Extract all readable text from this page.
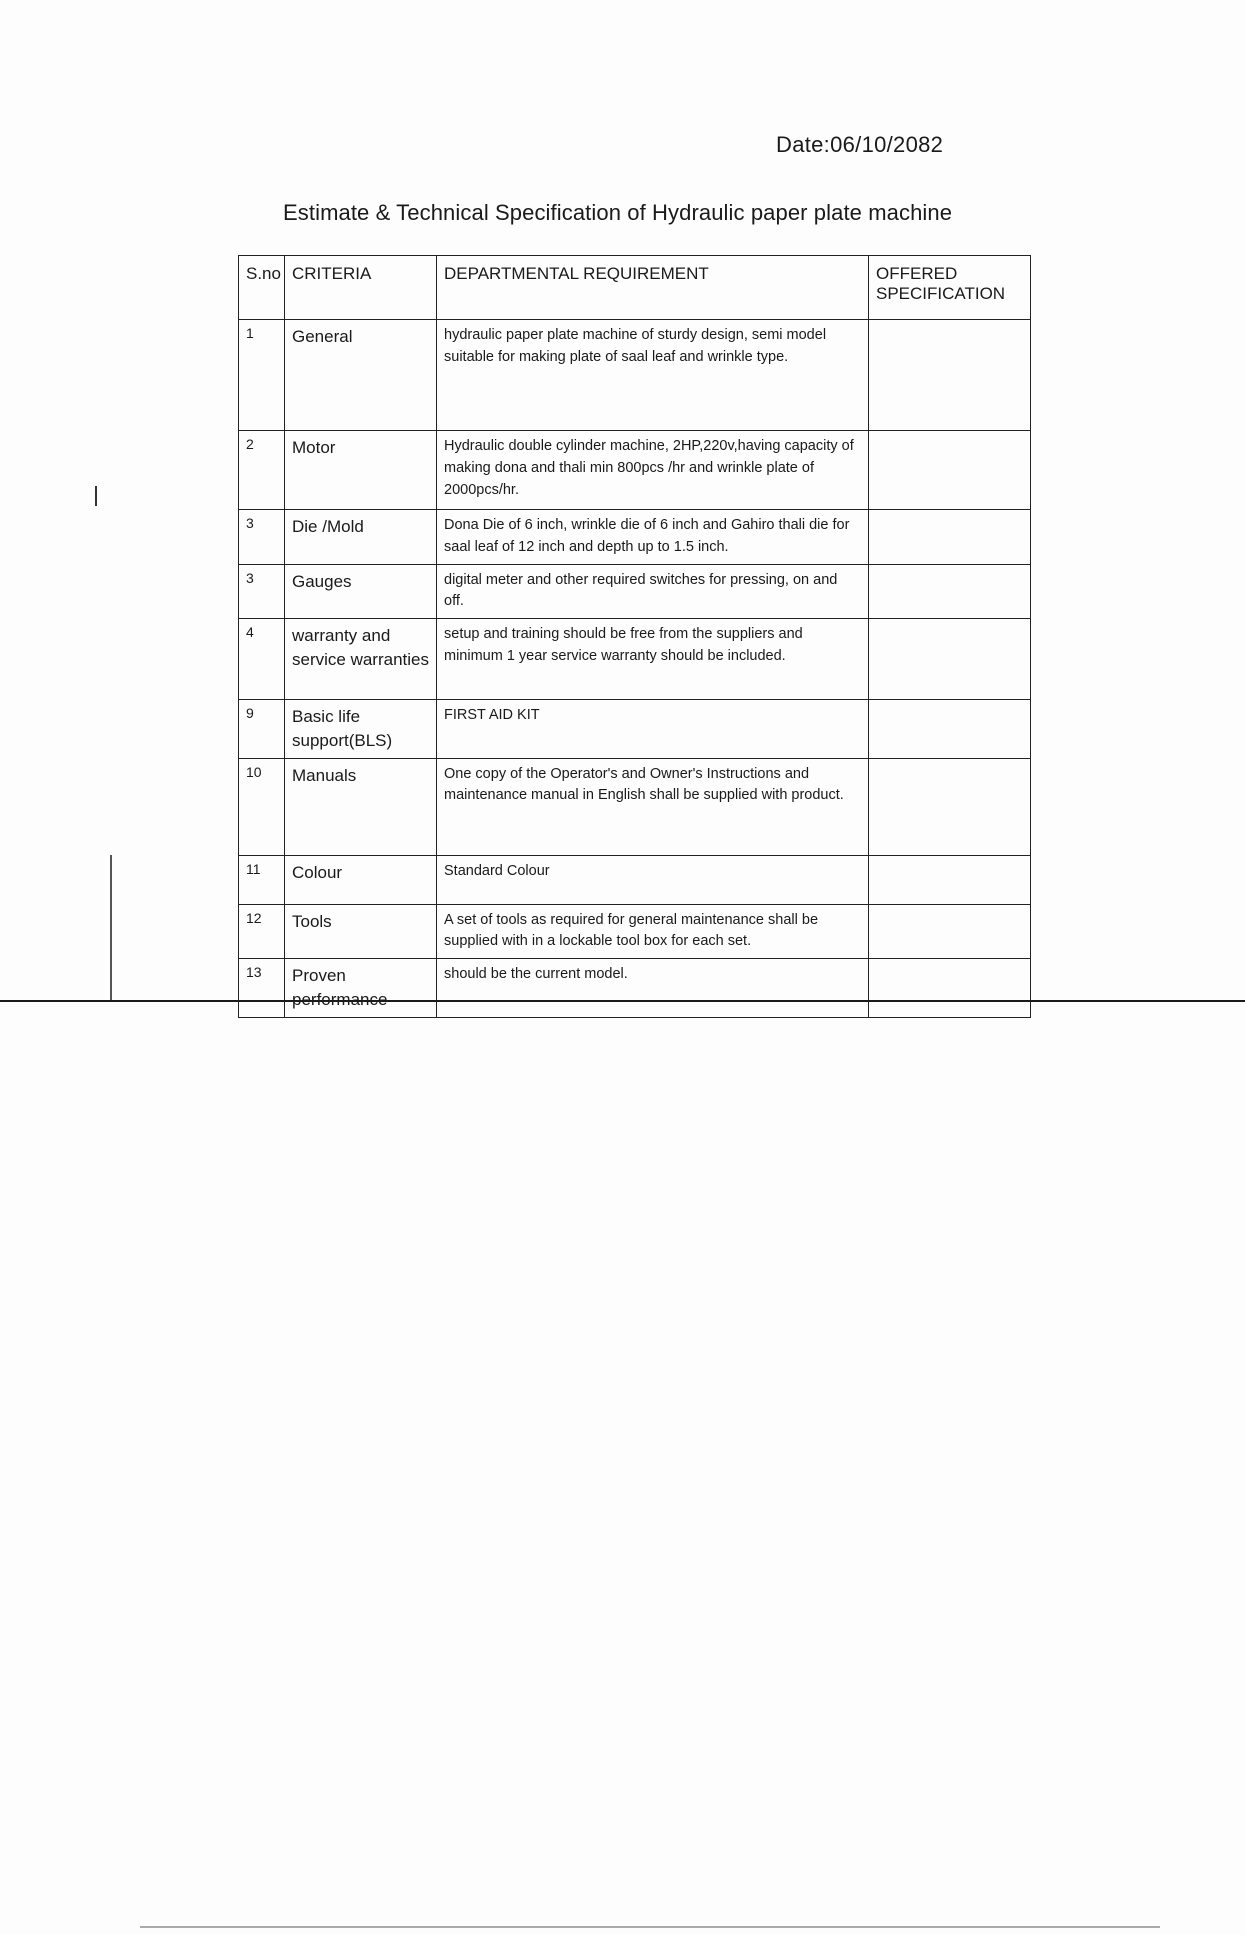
Date:06/10/2082
Estimate & Technical Specification of Hydraulic paper plate machine
S.no	CRITERIA	DEPARTMENTAL REQUIREMENT	OFFERED SPECIFICATION
1	General	hydraulic paper plate machine of sturdy design, semi model suitable for making plate of saal leaf and wrinkle type.	
2	Motor	Hydraulic double cylinder machine, 2HP,220v,having capacity of making dona and thali min 800pcs /hr and wrinkle plate of 2000pcs/hr.	
3	Die /Mold	Dona Die of 6 inch, wrinkle die of 6 inch and Gahiro thali die for saal leaf of 12 inch and depth up to 1.5 inch.	
3	Gauges	digital meter and other required switches for pressing, on and off.	
4	warranty and service warranties	setup and training should be free from the suppliers and minimum 1 year service warranty should be included.	
9	Basic life support(BLS)	FIRST AID KIT	
10	Manuals	One copy of the Operator's and Owner's Instructions and maintenance manual in English shall be supplied with product.	
11	Colour	Standard Colour	
12	Tools	A set of tools as required for general maintenance shall be supplied with in a lockable tool box for each set.	
13	Proven	should be the current model.	
